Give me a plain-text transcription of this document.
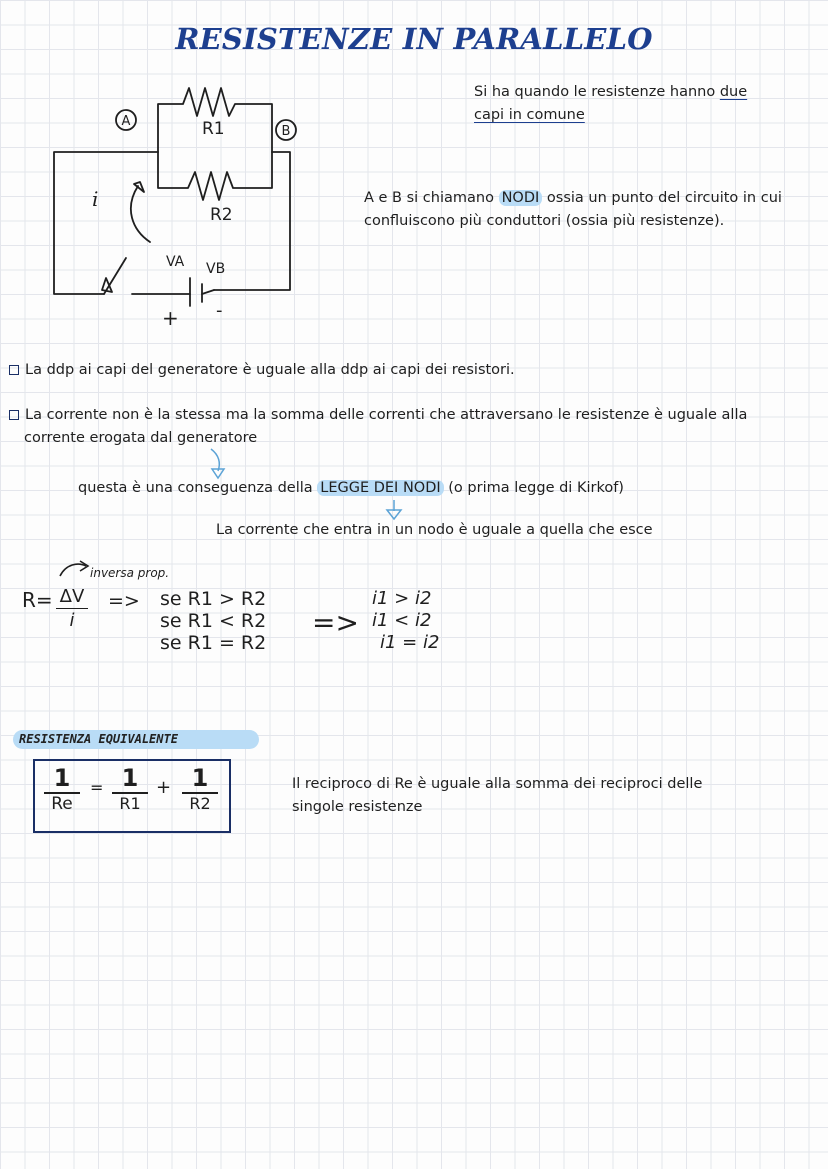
RESISTENZE IN PARALLELO
Si ha quando le resistenze hanno due
capi in comune
A
B
R1
R2
i
VA VB
+ -
A e B si chiamano NODI ossia un punto del circuito in cui
confluiscono più conduttori (ossia più resistenze).
La ddp ai capi del generatore è uguale alla ddp ai capi dei resistori.
La corrente non è la stessa ma la somma delle correnti che attraversano le resistenze è uguale alla
corrente erogata dal generatore
questa è una conseguenza della LEGGE DEI NODI (o prima legge di Kirkof)
La corrente che entra in un nodo è uguale a quella che esce
inversa prop.
R= ΔV
i
=> se R1 > R2
se R1 < R2
se R1 = R2
=>
i1 > i2
i1 < i2
i1 = i2
RESISTENZA EQUIVALENTE
1
Re
= 1
R1
+ 1
R2
Il reciproco di Re è uguale alla somma dei reciproci delle
singole resistenze
